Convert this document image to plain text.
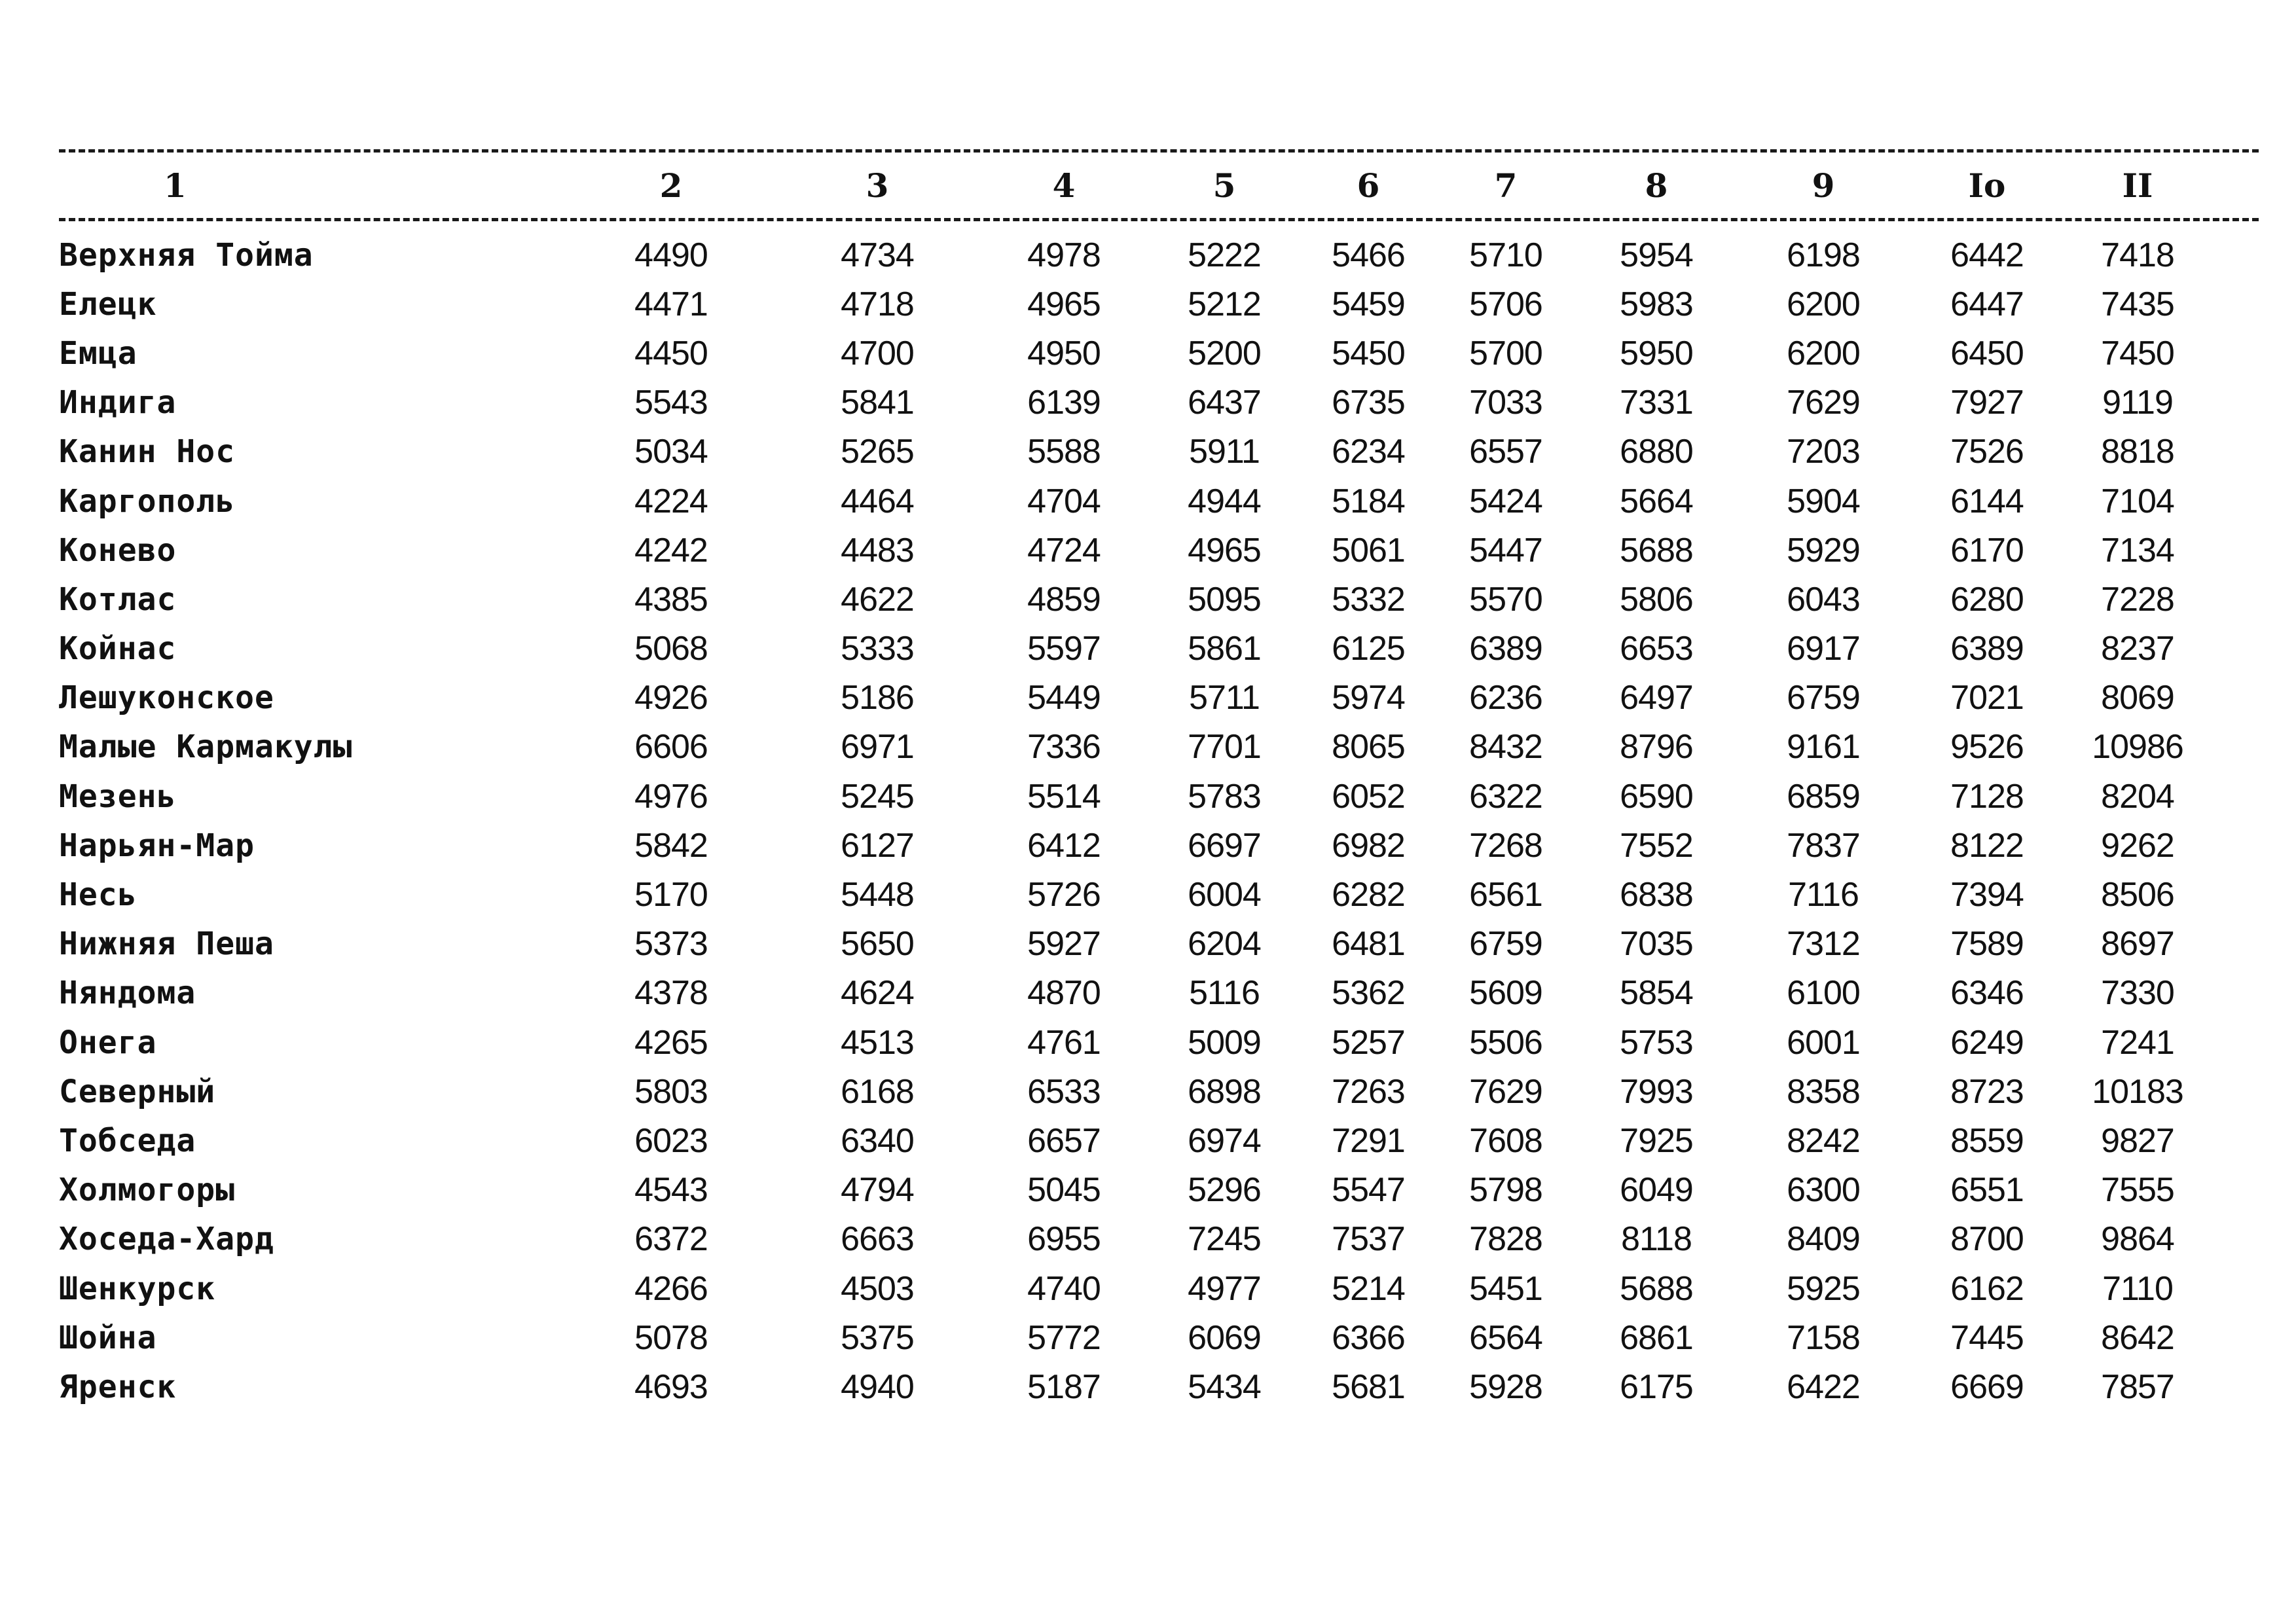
1	2	3	4	5	6	7	8	9	Io	II
Верхняя Тойма	4490	4734	4978	5222	5466	5710	5954	6198	6442	7418
Елецк	4471	4718	4965	5212	5459	5706	5983	6200	6447	7435
Емца	4450	4700	4950	5200	5450	5700	5950	6200	6450	7450
Индига	5543	5841	6139	6437	6735	7033	7331	7629	7927	9119
Канин Нос	5034	5265	5588	5911	6234	6557	6880	7203	7526	8818
Каргополь	4224	4464	4704	4944	5184	5424	5664	5904	6144	7104
Конево	4242	4483	4724	4965	5061	5447	5688	5929	6170	7134
Котлас	4385	4622	4859	5095	5332	5570	5806	6043	6280	7228
Койнас	5068	5333	5597	5861	6125	6389	6653	6917	6389	8237
Лешуконское	4926	5186	5449	5711	5974	6236	6497	6759	7021	8069
Малые Кармакулы	6606	6971	7336	7701	8065	8432	8796	9161	9526	10986
Мезень	4976	5245	5514	5783	6052	6322	6590	6859	7128	8204
Нарьян-Мар	5842	6127	6412	6697	6982	7268	7552	7837	8122	9262
Несь	5170	5448	5726	6004	6282	6561	6838	7116	7394	8506
Нижняя Пеша	5373	5650	5927	6204	6481	6759	7035	7312	7589	8697
Няндома	4378	4624	4870	5116	5362	5609	5854	6100	6346	7330
Онега	4265	4513	4761	5009	5257	5506	5753	6001	6249	7241
Северный	5803	6168	6533	6898	7263	7629	7993	8358	8723	10183
Тобседа	6023	6340	6657	6974	7291	7608	7925	8242	8559	9827
Холмогоры	4543	4794	5045	5296	5547	5798	6049	6300	6551	7555
Хоседа-Хард	6372	6663	6955	7245	7537	7828	8118	8409	8700	9864
Шенкурск	4266	4503	4740	4977	5214	5451	5688	5925	6162	7110
Шойна	5078	5375	5772	6069	6366	6564	6861	7158	7445	8642
Яренск	4693	4940	5187	5434	5681	5928	6175	6422	6669	7857
